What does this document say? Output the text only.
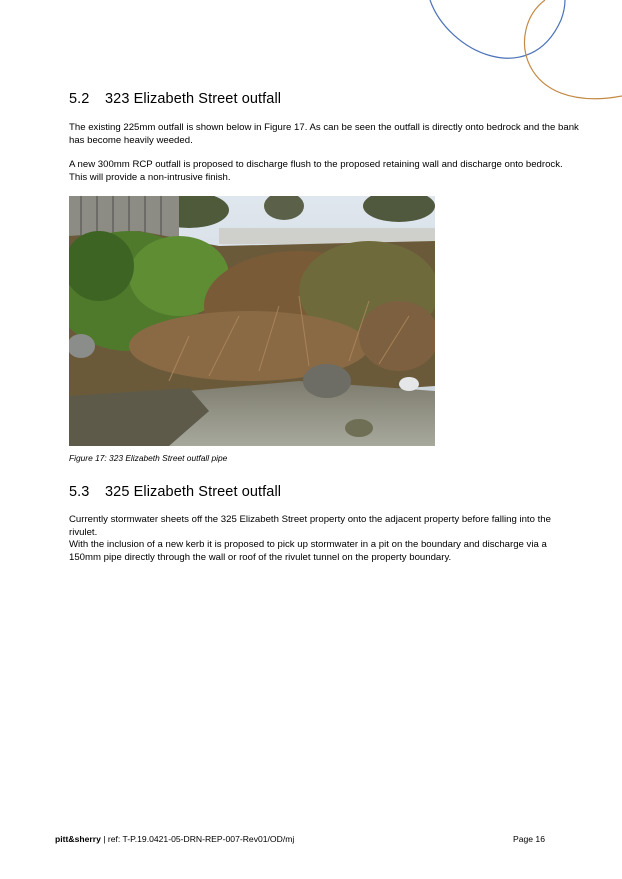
5.2 323 Elizabeth Street outfall

The existing 225mm outfall is shown below in Figure 17. As can be seen the outfall is directly onto bedrock and the bank has become heavily weeded.

A new 300mm RCP outfall is proposed to discharge flush to the proposed retaining wall and discharge onto bedrock. This will provide a non-intrusive finish.

Figure 17: 323 Elizabeth Street outfall pipe

5.3 325 Elizabeth Street outfall

Currently stormwater sheets off the 325 Elizabeth Street property onto the adjacent property before falling into the rivulet.

With the inclusion of a new kerb it is proposed to pick up stormwater in a pit on the boundary and discharge via a 150mm pipe directly through the wall or roof of the rivulet tunnel on the property boundary.

pitt&sherry | ref: T-P.19.0421-05-DRN-REP-007-Rev01/OD/mj	Page 16
